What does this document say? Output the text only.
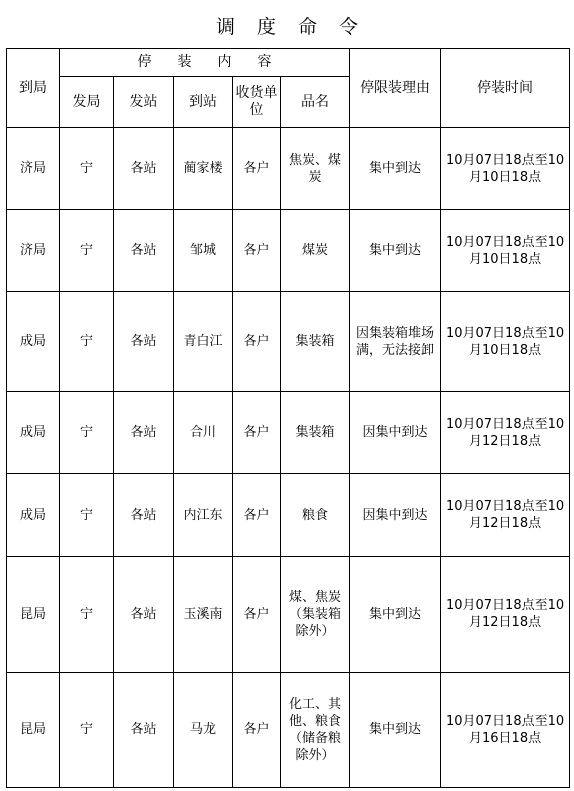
调度命令
到局	停装内容					停限装理由	停装时间
	发局	发站	到站	收货单位	品名		
济局	宁	各站	蔺家楼	各户	焦炭、煤炭	集中到达	10月07日18点至10月10日18点
济局	宁	各站	邹城	各户	煤炭	集中到达	10月07日18点至10月10日18点
成局	宁	各站	青白江	各户	集装箱	因集装箱堆场满，无法接卸	10月07日18点至10月10日18点
成局	宁	各站	合川	各户	集装箱	因集中到达	10月07日18点至10月12日18点
成局	宁	各站	内江东	各户	粮食	因集中到达	10月07日18点至10月12日18点
昆局	宁	各站	玉溪南	各户	煤、焦炭（集装箱除外）	集中到达	10月07日18点至10月12日18点
昆局	宁	各站	马龙	各户	化工、其他、粮食（储备粮除外）	集中到达	10月07日18点至10月16日18点
